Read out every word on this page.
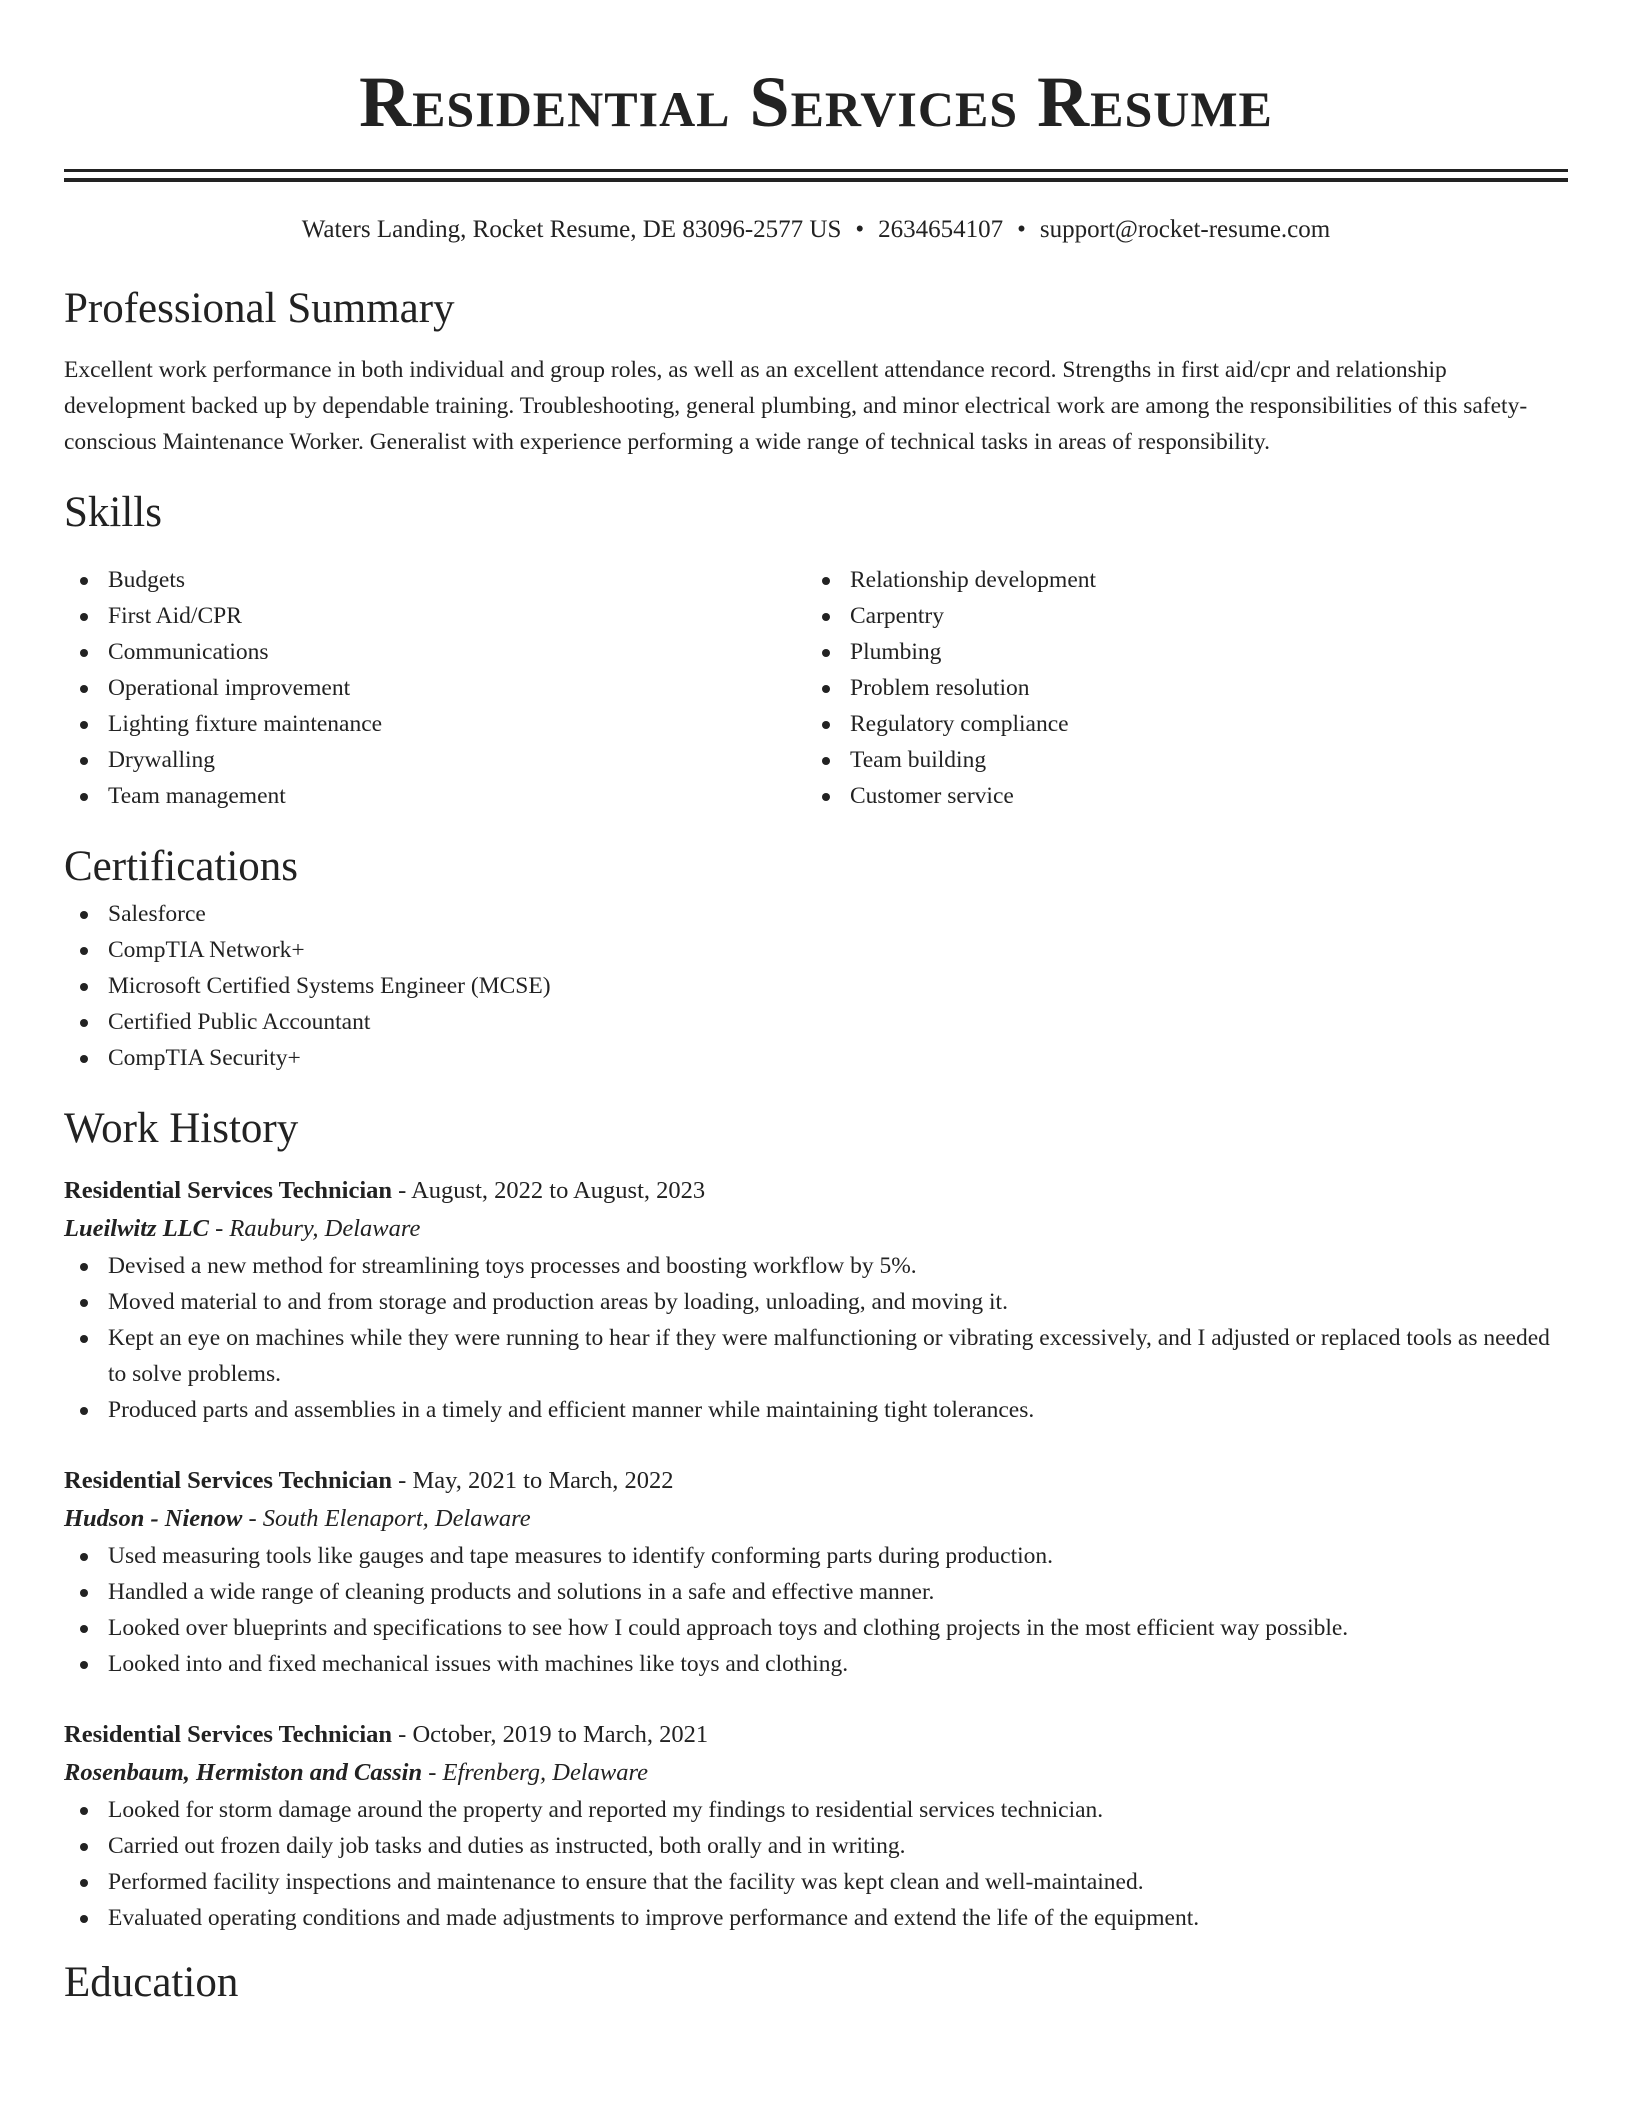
Residential Services Resume
Waters Landing, Rocket Resume, DE 83096-2577 US • 2634654107 • support@rocket-resume.com
Professional Summary

Excellent work performance in both individual and group roles, as well as an excellent attendance record. Strengths in first aid/cpr and relationship development backed up by dependable training. Troubleshooting, general plumbing, and minor electrical work are among the responsibilities of this safety-conscious Maintenance Worker. Generalist with experience performing a wide range of technical tasks in areas of responsibility.

Skills
Budgets
First Aid/CPR
Communications
Operational improvement
Lighting fixture maintenance
Drywalling
Team management
Relationship development
Carpentry
Plumbing
Problem resolution
Regulatory compliance
Team building
Customer service
Certifications
Salesforce
CompTIA Network+
Microsoft Certified Systems Engineer (MCSE)
Certified Public Accountant
CompTIA Security+
Work History
Residential Services Technician - August, 2022 to August, 2023
Lueilwitz LLC - Raubury, Delaware
Devised a new method for streamlining toys processes and boosting workflow by 5%.
Moved material to and from storage and production areas by loading, unloading, and moving it.
Kept an eye on machines while they were running to hear if they were malfunctioning or vibrating excessively, and I adjusted or replaced tools as needed to solve problems.
Produced parts and assemblies in a timely and efficient manner while maintaining tight tolerances.
Residential Services Technician - May, 2021 to March, 2022
Hudson - Nienow - South Elenaport, Delaware
Used measuring tools like gauges and tape measures to identify conforming parts during production.
Handled a wide range of cleaning products and solutions in a safe and effective manner.
Looked over blueprints and specifications to see how I could approach toys and clothing projects in the most efficient way possible.
Looked into and fixed mechanical issues with machines like toys and clothing.
Residential Services Technician - October, 2019 to March, 2021
Rosenbaum, Hermiston and Cassin - Efrenberg, Delaware
Looked for storm damage around the property and reported my findings to residential services technician.
Carried out frozen daily job tasks and duties as instructed, both orally and in writing.
Performed facility inspections and maintenance to ensure that the facility was kept clean and well-maintained.
Evaluated operating conditions and made adjustments to improve performance and extend the life of the equipment.
Education
